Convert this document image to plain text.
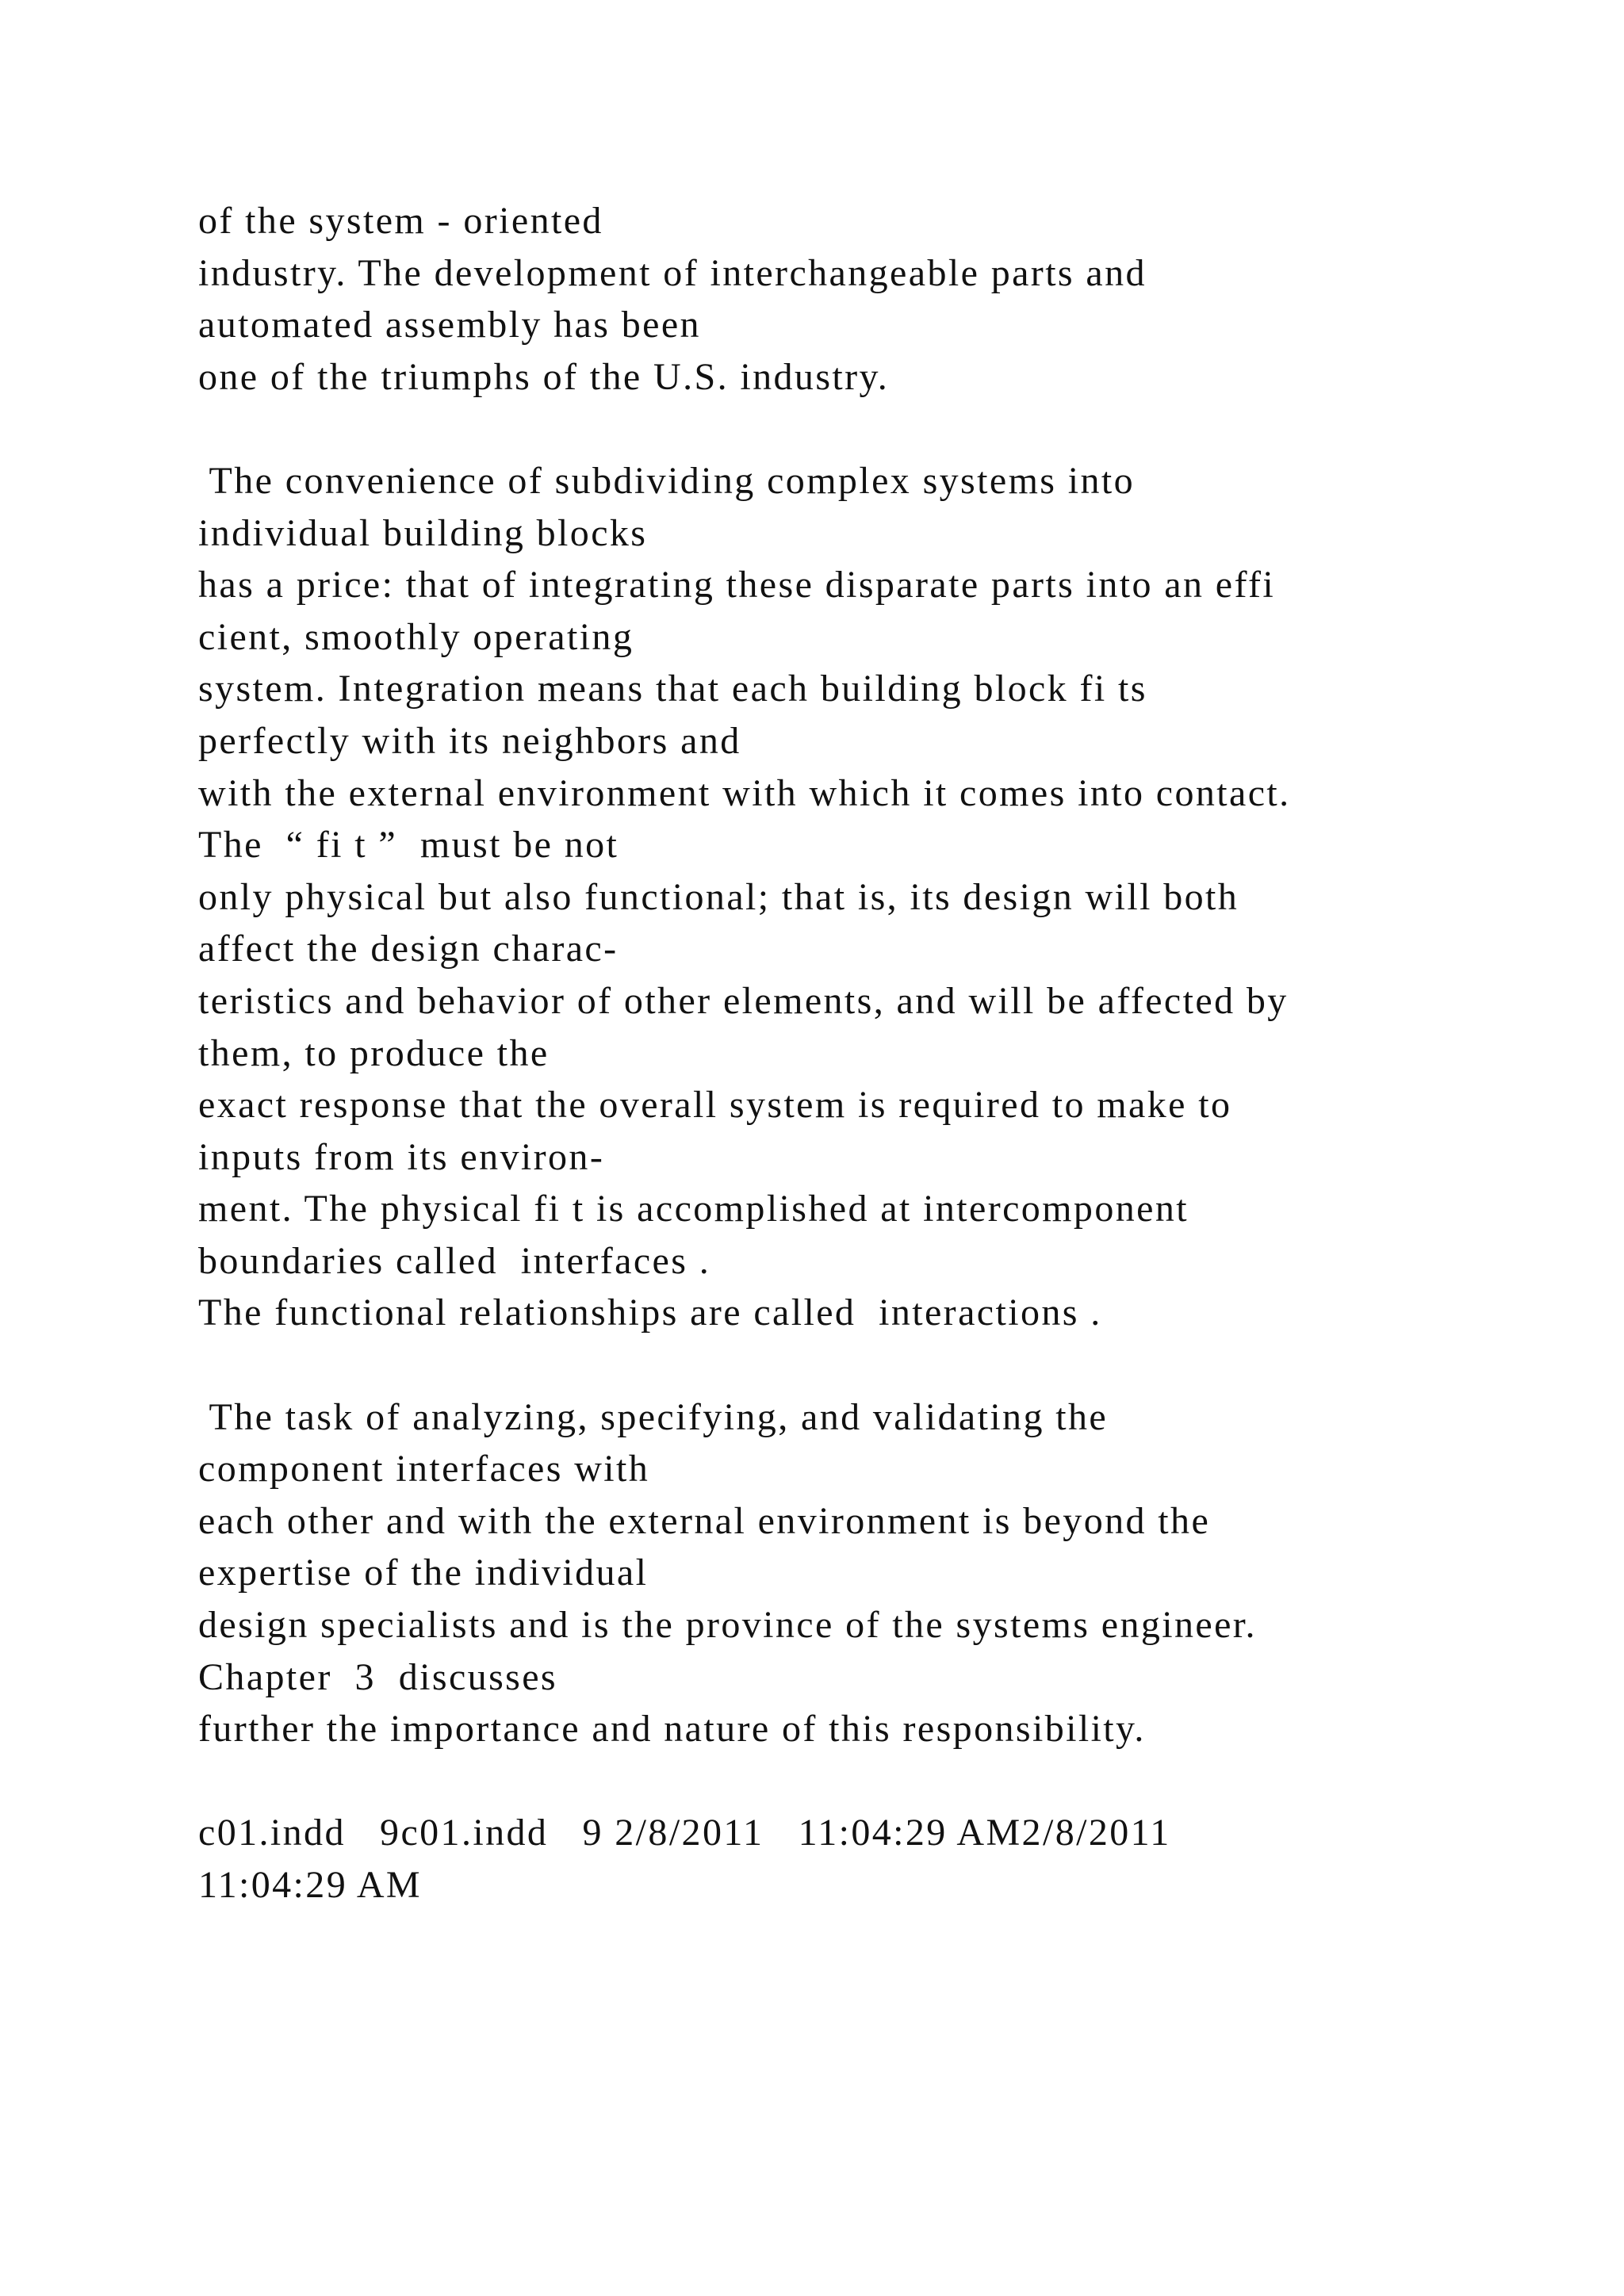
of the system - oriented
industry. The development of interchangeable parts and
automated assembly has been
one of the triumphs of the U.S. industry.
The convenience of subdividing complex systems into
individual building blocks
has a price: that of integrating these disparate parts into an effi
cient, smoothly operating
system. Integration means that each building block fi ts
perfectly with its neighbors and
with the external environment with which it comes into contact.
The  “ fi t ”  must be not
only physical but also functional; that is, its design will both
affect the design charac-
teristics and behavior of other elements, and will be affected by
them, to produce the
exact response that the overall system is required to make to
inputs from its environ-
ment. The physical fi t is accomplished at intercomponent
boundaries called  interfaces .
The functional relationships are called  interactions .
The task of analyzing, specifying, and validating the
component interfaces with
each other and with the external environment is beyond the
expertise of the individual
design specialists and is the province of the systems engineer.
Chapter  3  discusses
further the importance and nature of this responsibility.
c01.indd   9c01.indd   9 2/8/2011   11:04:29 AM2/8/2011
11:04:29 AM
